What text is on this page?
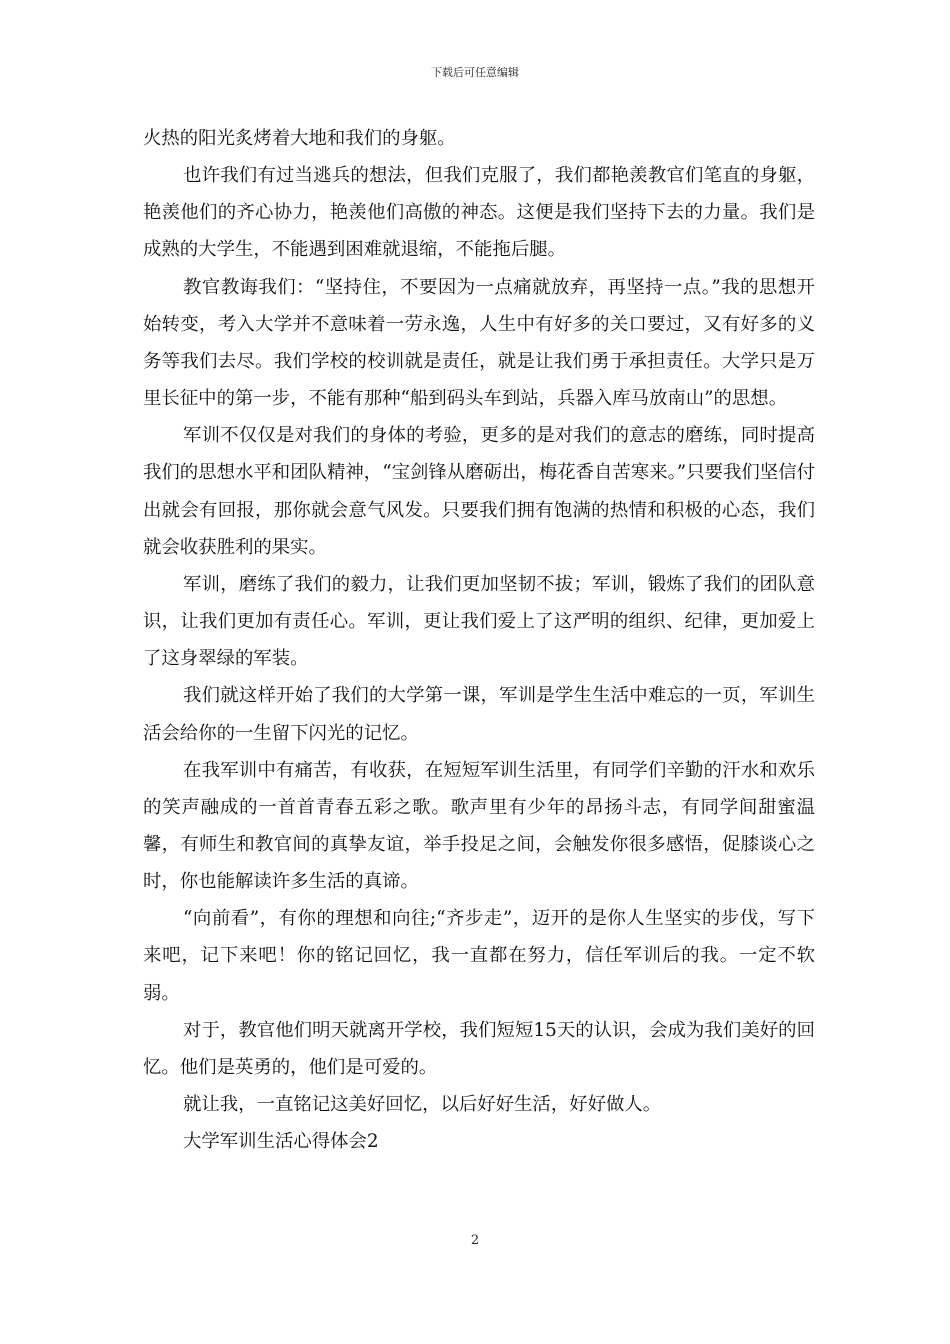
下载后可任意编辑

火热的阳光炙烤着大地和我们的身躯。

也许我们有过当逃兵的想法，但我们克服了，我们都艳羡教官们笔直的身躯，艳羡他们的齐心协力，艳羡他们高傲的神态。这便是我们坚持下去的力量。我们是成熟的大学生，不能遇到困难就退缩，不能拖后腿。

教官教诲我们：“坚持住，不要因为一点痛就放弃，再坚持一点。”我的思想开始转变，考入大学并不意味着一劳永逸，人生中有好多的关口要过，又有好多的义务等我们去尽。我们学校的校训就是责任，就是让我们勇于承担责任。大学只是万里长征中的第一步，不能有那种“船到码头车到站，兵器入库马放南山”的思想。

军训不仅仅是对我们的身体的考验，更多的是对我们的意志的磨练，同时提高我们的思想水平和团队精神，“宝剑锋从磨砺出，梅花香自苦寒来。”只要我们坚信付出就会有回报，那你就会意气风发。只要我们拥有饱满的热情和积极的心态，我们就会收获胜利的果实。

军训，磨练了我们的毅力，让我们更加坚韧不拔；军训，锻炼了我们的团队意识，让我们更加有责任心。军训，更让我们爱上了这严明的组织、纪律，更加爱上了这身翠绿的军装。

我们就这样开始了我们的大学第一课，军训是学生生活中难忘的一页，军训生活会给你的一生留下闪光的记忆。

在我军训中有痛苦，有收获，在短短军训生活里，有同学们辛勤的汗水和欢乐的笑声融成的一首首青春五彩之歌。歌声里有少年的昂扬斗志，有同学间甜蜜温馨，有师生和教官间的真挚友谊，举手投足之间，会触发你很多感悟，促膝谈心之时，你也能解读许多生活的真谛。

“向前看”，有你的理想和向往;“齐步走”，迈开的是你人生坚实的步伐，写下来吧，记下来吧！你的铭记回忆，我一直都在努力，信任军训后的我。一定不软弱。

对于，教官他们明天就离开学校，我们短短15天的认识，会成为我们美好的回忆。他们是英勇的，他们是可爱的。

就让我，一直铭记这美好回忆，以后好好生活，好好做人。

大学军训生活心得体会2

2
